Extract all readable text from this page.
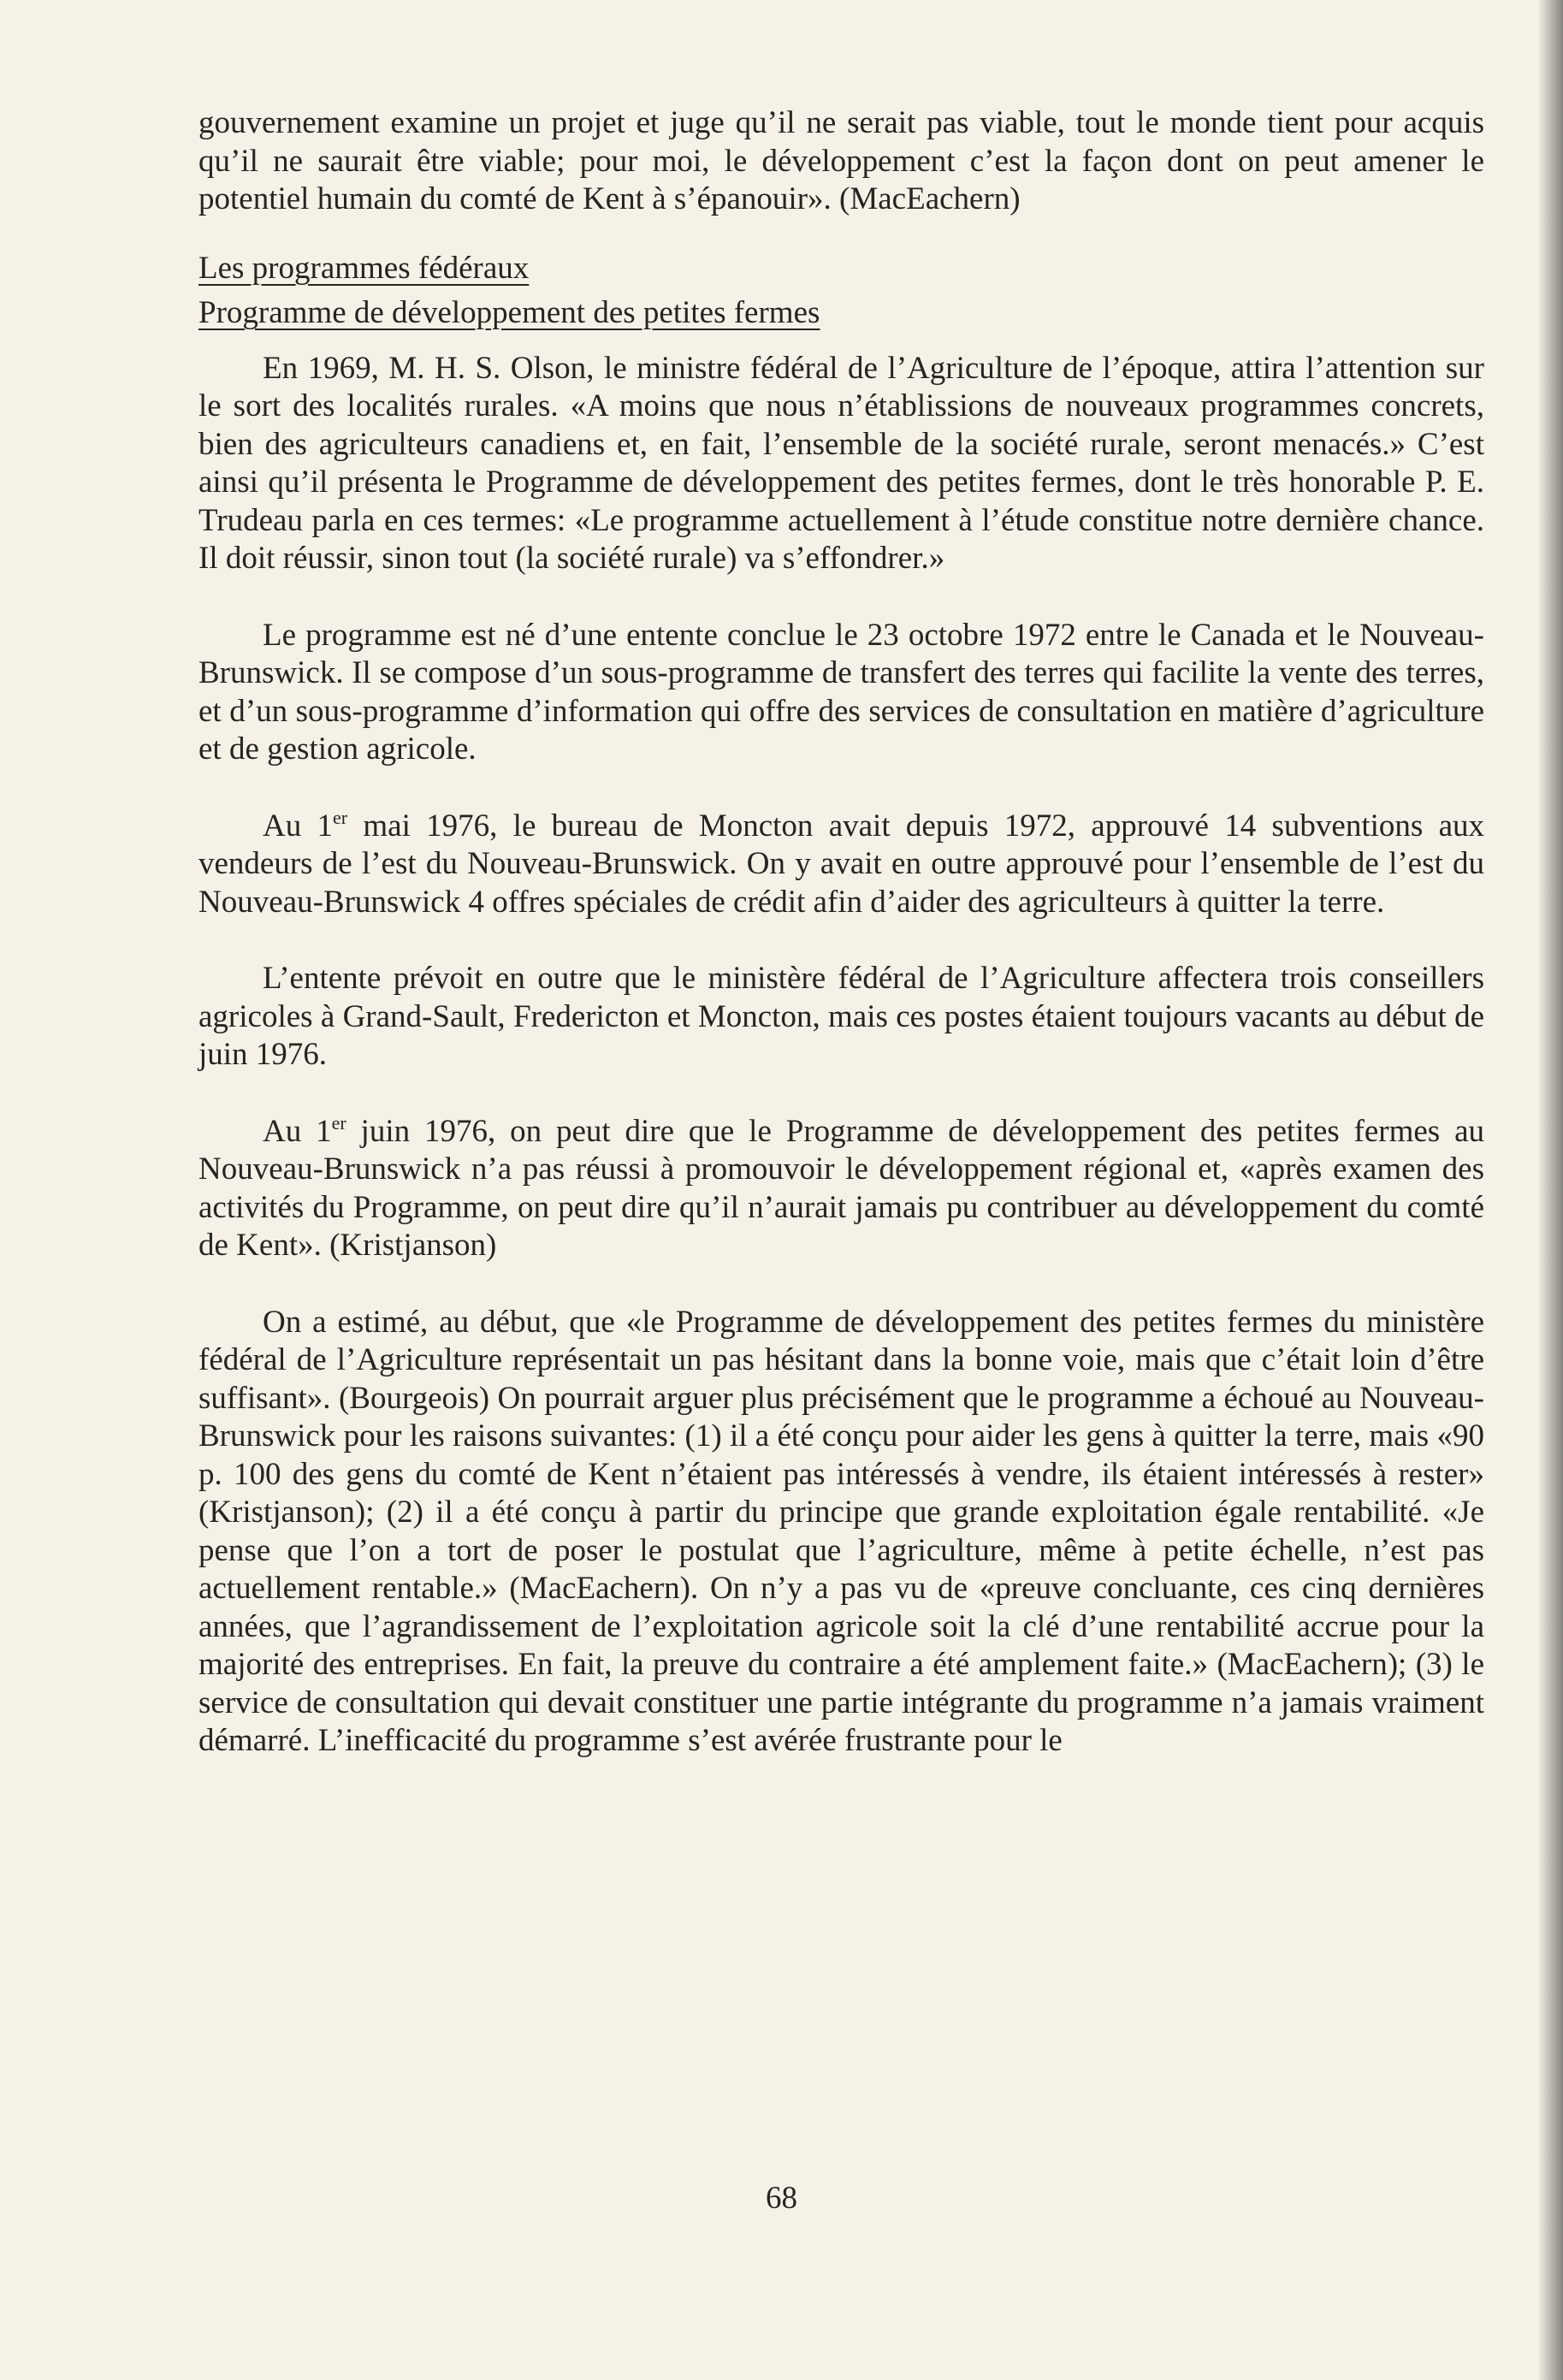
gouvernement examine un projet et juge qu’il ne serait pas viable, tout le monde tient pour acquis qu’il ne saurait être viable; pour moi, le développement c’est la façon dont on peut amener le potentiel humain du comté de Kent à s’épanouir». (MacEachern)

Les programmes fédéraux

Programme de développement des petites fermes

En 1969, M. H. S. Olson, le ministre fédéral de l’Agriculture de l’époque, attira l’attention sur le sort des localités rurales. «A moins que nous n’établissions de nouveaux programmes concrets, bien des agriculteurs canadiens et, en fait, l’ensemble de la société rurale, seront menacés.» C’est ainsi qu’il présenta le Programme de développement des petites fermes, dont le très honorable P. E. Trudeau parla en ces termes: «Le programme actuellement à l’étude constitue notre dernière chance. Il doit réussir, sinon tout (la société rurale) va s’effondrer.»

Le programme est né d’une entente conclue le 23 octobre 1972 entre le Canada et le Nouveau-Brunswick. Il se compose d’un sous-programme de transfert des terres qui facilite la vente des terres, et d’un sous-programme d’information qui offre des services de consultation en matière d’agriculture et de gestion agricole.

Au 1er mai 1976, le bureau de Moncton avait depuis 1972, approuvé 14 subventions aux vendeurs de l’est du Nouveau-Brunswick. On y avait en outre approuvé pour l’ensemble de l’est du Nouveau-Brunswick 4 offres spéciales de crédit afin d’aider des agriculteurs à quitter la terre.

L’entente prévoit en outre que le ministère fédéral de l’Agriculture affectera trois conseillers agricoles à Grand-Sault, Fredericton et Moncton, mais ces postes étaient toujours vacants au début de juin 1976.

Au 1er juin 1976, on peut dire que le Programme de développement des petites fermes au Nouveau-Brunswick n’a pas réussi à promouvoir le développement régional et, «après examen des activités du Programme, on peut dire qu’il n’aurait jamais pu contribuer au développement du comté de Kent». (Kristjanson)

On a estimé, au début, que «le Programme de développement des petites fermes du ministère fédéral de l’Agriculture représentait un pas hésitant dans la bonne voie, mais que c’était loin d’être suffisant». (Bourgeois) On pourrait arguer plus précisément que le programme a échoué au Nouveau-Brunswick pour les raisons suivantes: (1) il a été conçu pour aider les gens à quitter la terre, mais «90 p. 100 des gens du comté de Kent n’étaient pas intéressés à vendre, ils étaient intéressés à rester» (Kristjanson); (2) il a été conçu à partir du principe que grande exploitation égale rentabilité. «Je pense que l’on a tort de poser le postulat que l’agriculture, même à petite échelle, n’est pas actuellement rentable.» (MacEachern). On n’y a pas vu de «preuve concluante, ces cinq dernières années, que l’agrandissement de l’exploitation agricole soit la clé d’une rentabilité accrue pour la majorité des entreprises. En fait, la preuve du contraire a été amplement faite.» (MacEachern); (3) le service de consultation qui devait constituer une partie intégrante du programme n’a jamais vraiment démarré. L’inefficacité du programme s’est avérée frustrante pour le

68
